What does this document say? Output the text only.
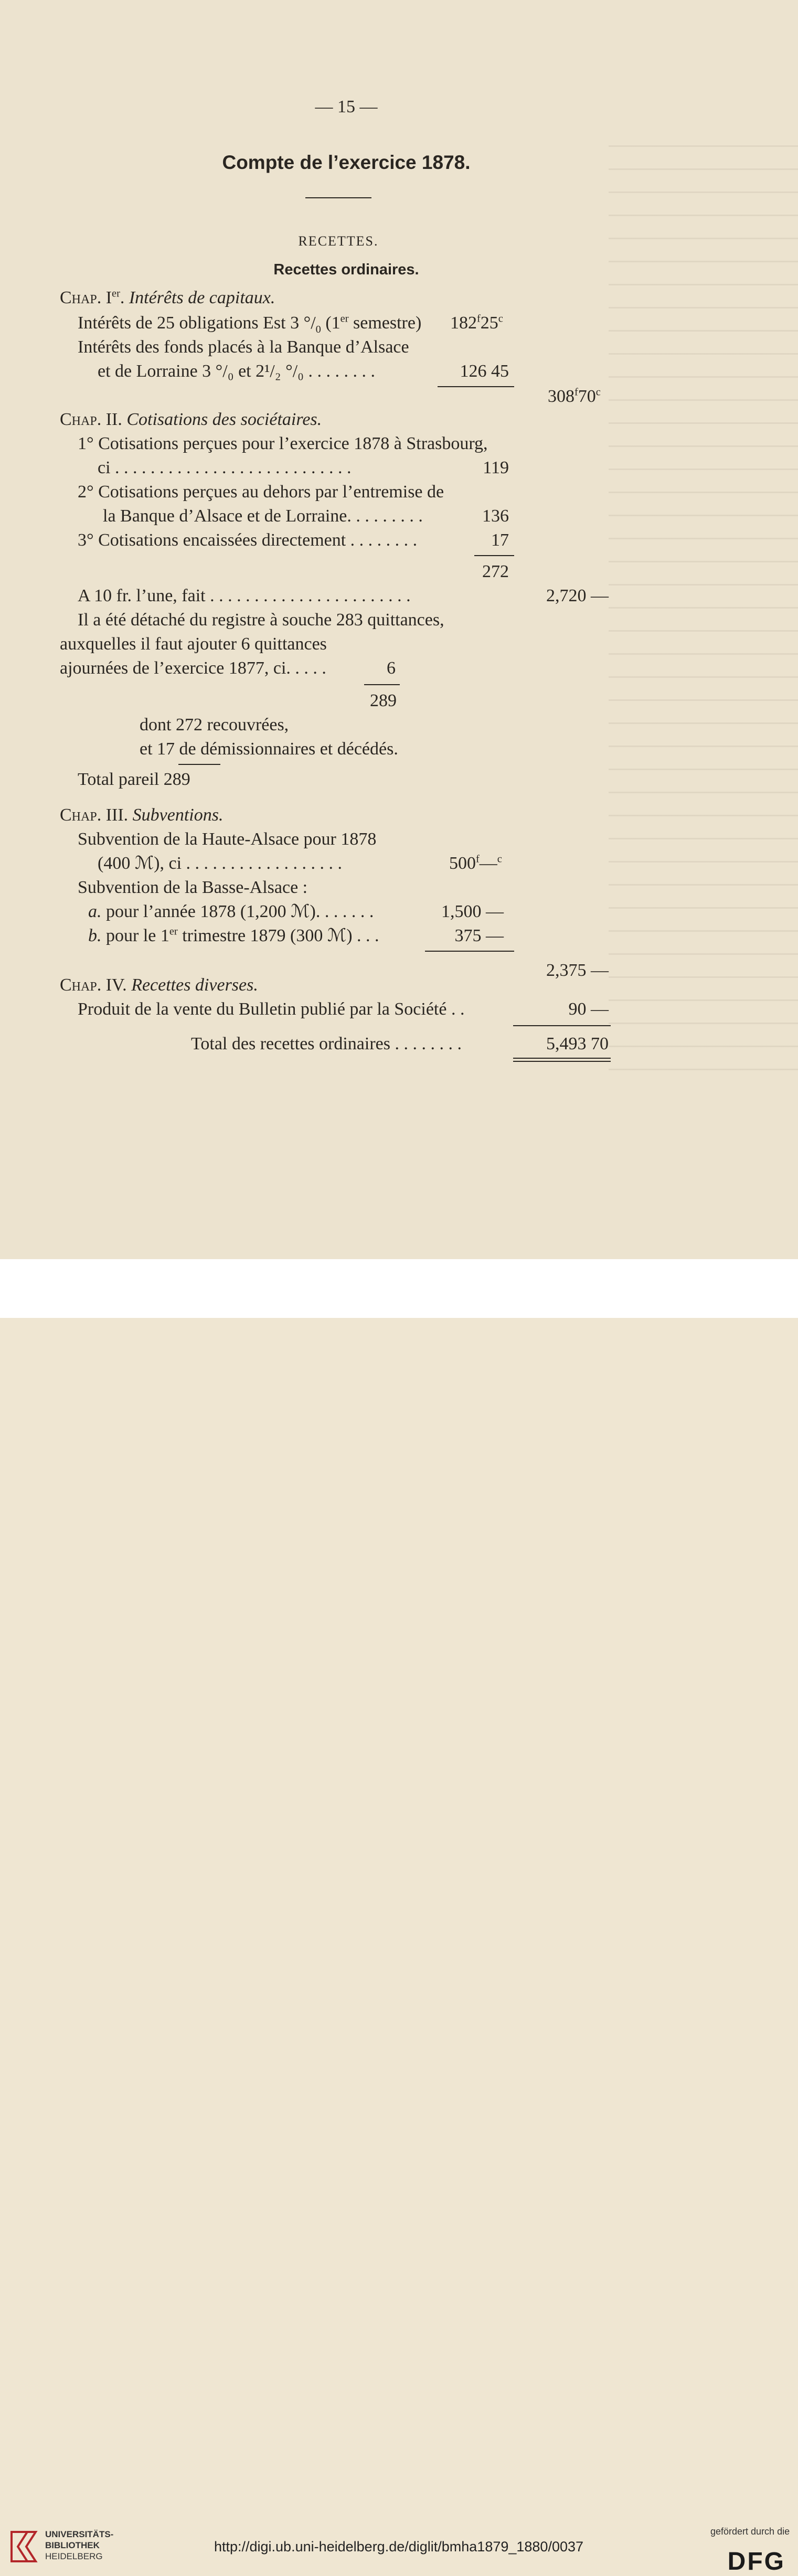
— 15 —
Compte de l’exercice 1878.
RECETTES.
Recettes ordinaires.
Chap. Ier. Intérêts de capitaux.
Intérêts de 25 obligations Est 3 $^\circ/_0$ (1er semestre) 182$^f$25$^c$
Intérêts des fonds placés à la Banque d’Alsace
et de Lorraine 3 °/₀ et 2¹/₂ °/₀ . . . . . . . .	126 45
308$^f$70$^c$
Chap. II. Cotisations des sociétaires.
1° Cotisations perçues pour l’exercice 1878 à Strasbourg,
ci . . . . . . . . . . . . . . . . . . . . . . . . . . .	119
2° Cotisations perçues au dehors par l’entremise de
la Banque d’Alsace et de Lorraine. . . . . . . . .	136
3° Cotisations encaissées directement . . . . . . . .	17
272
A 10 fr. l’une, fait . . . . . . . . . . . . . . . . . . . . . . .	2,720 —
Il a été détaché du registre à souche 283 quittances,
auxquelles il faut ajouter 6 quittances
ajournées de l’exercice 1877, ci. . . . .	6
289
dont 272 recouvrées,
et 17 de démissionnaires et décédés.
Total pareil 289
Chap. III. Subventions.
Subvention de la Haute-Alsace pour 1878
(400 ℳ), ci . . . . . . . . . . . . . . . . . .	500$^f$—$^c$
Subvention de la Basse-Alsace :
a. pour l’année 1878 (1,200 ℳ). . . . . . .	1,500 —
b. pour le 1er trimestre 1879 (300 ℳ) . . .	375 —
2,375 —
Chap. IV. Recettes diverses.
Produit de la vente du Bulletin publié par la Société . .	90 —
Total des recettes ordinaires . . . . . . . .	5,493 70
UNIVERSITÄTS-
BIBLIOTHEK
HEIDELBERG
http://digi.ub.uni-heidelberg.de/diglit/bmha1879_1880/0037
gefördert durch die
DFG
